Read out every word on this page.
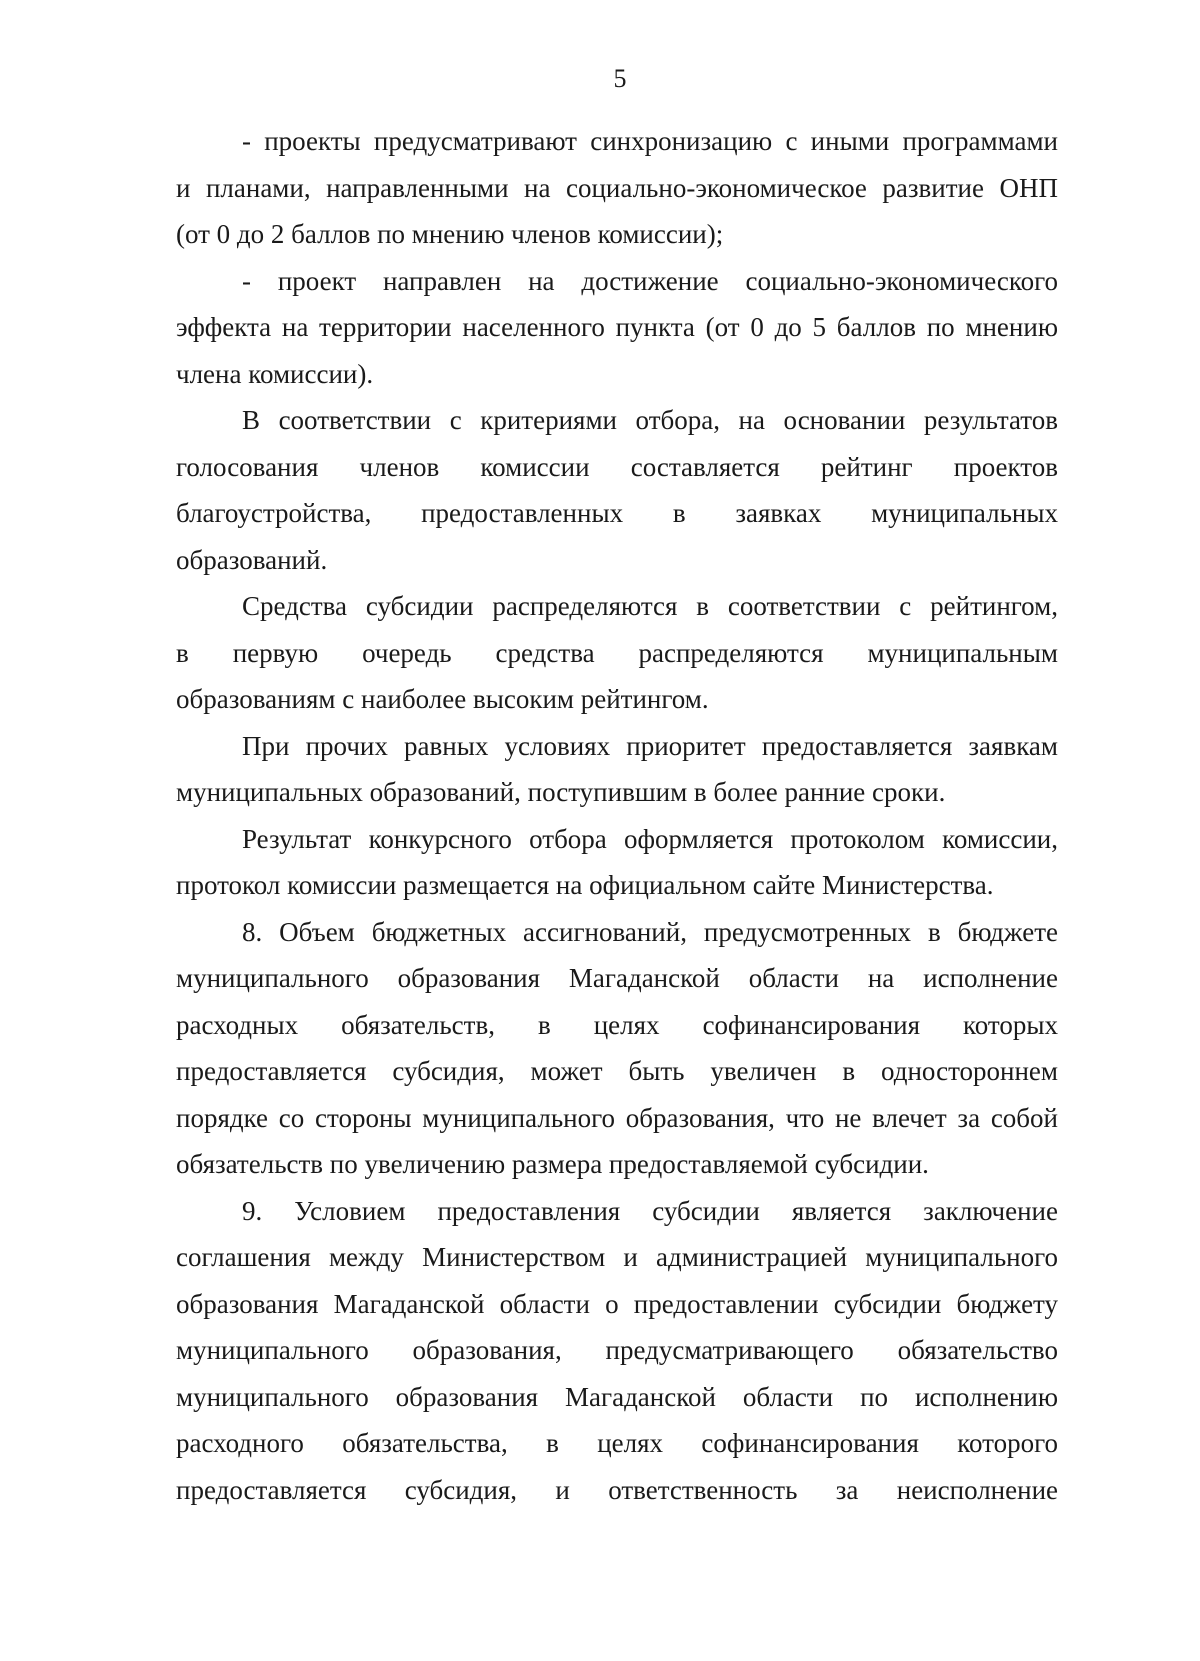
5
- проекты предусматривают синхронизацию с иными программами
и планами, направленными на социально-экономическое развитие ОНП
(от 0 до 2 баллов по мнению членов комиссии);
- проект направлен на достижение социально-экономического
эффекта на территории населенного пункта (от 0 до 5 баллов по мнению
члена комиссии).
В соответствии с критериями отбора, на основании результатов
голосования членов комиссии составляется рейтинг проектов
благоустройства, предоставленных в заявках муниципальных
образований.
Средства субсидии распределяются в соответствии с рейтингом,
в первую очередь средства распределяются муниципальным
образованиям с наиболее высоким рейтингом.
При прочих равных условиях приоритет предоставляется заявкам
муниципальных образований, поступившим в более ранние сроки.
Результат конкурсного отбора оформляется протоколом комиссии,
протокол комиссии размещается на официальном сайте Министерства.
8. Объем бюджетных ассигнований, предусмотренных в бюджете
муниципального образования Магаданской области на исполнение
расходных обязательств, в целях софинансирования которых
предоставляется субсидия, может быть увеличен в одностороннем
порядке со стороны муниципального образования, что не влечет за собой
обязательств по увеличению размера предоставляемой субсидии.
9. Условием предоставления субсидии является заключение
соглашения между Министерством и администрацией муниципального
образования Магаданской области о предоставлении субсидии бюджету
муниципального образования, предусматривающего обязательство
муниципального образования Магаданской области по исполнению
расходного обязательства, в целях софинансирования которого
предоставляется субсидия, и ответственность за неисполнение
